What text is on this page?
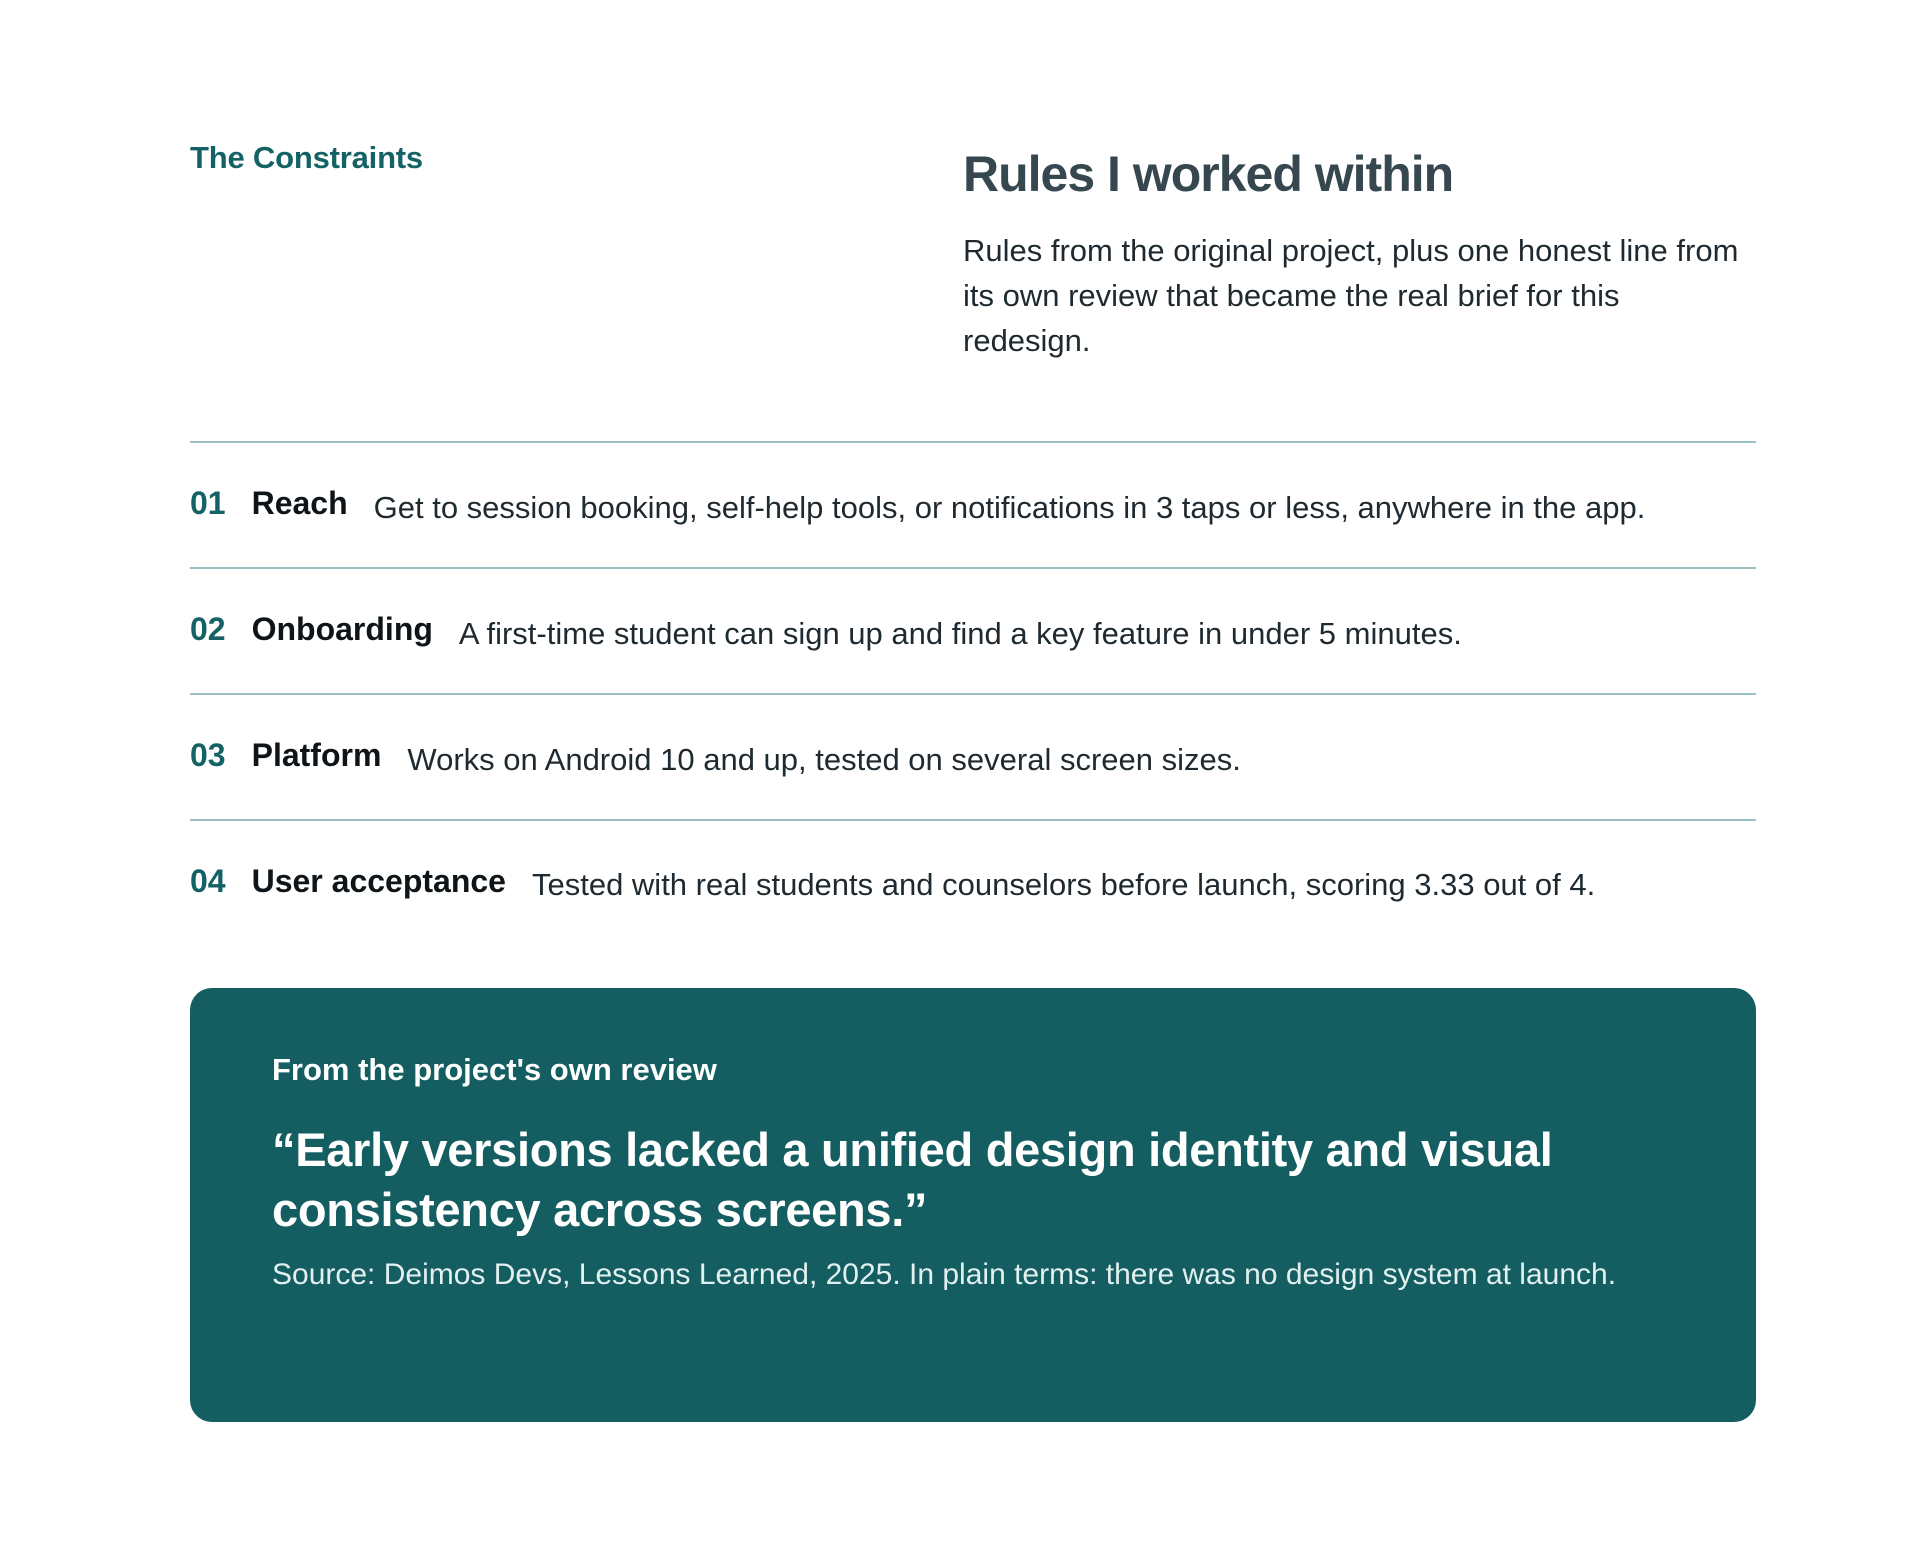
The Constraints	Rules I worked within

Rules from the original project, plus one honest line from its own review that became the real brief for this redesign.

01 Reach Get to session booking, self-help tools, or notifications in 3 taps or less, anywhere in the app.
02 Onboarding A first-time student can sign up and find a key feature in under 5 minutes.
03 Platform Works on Android 10 and up, tested on several screen sizes.
04 User acceptance Tested with real students and counselors before launch, scoring 3.33 out of 4.

From the project's own review

“Early versions lacked a unified design identity and visual consistency across screens.”

Source: Deimos Devs, Lessons Learned, 2025. In plain terms: there was no design system at launch.
